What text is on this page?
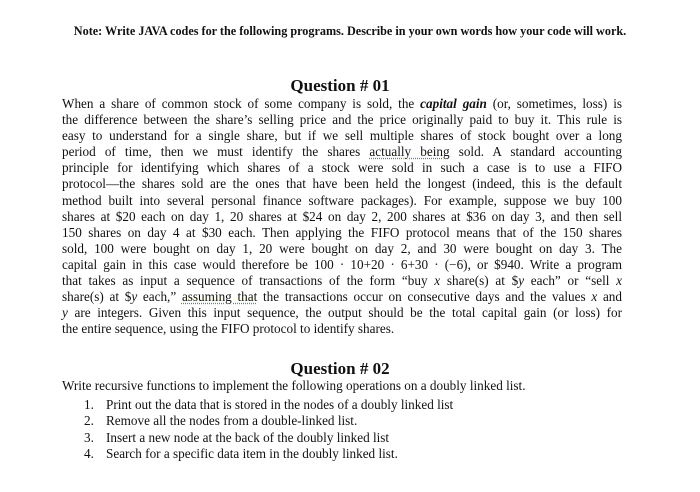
Note: Write JAVA codes for the following programs. Describe in your own words how your code will work.
Question # 01
When a share of common stock of some company is sold, the capital gain (or, sometimes, loss) is
the difference between the share’s selling price and the price originally paid to buy it. This rule is
easy to understand for a single share, but if we sell multiple shares of stock bought over a long
period of time, then we must identify the shares actually being sold. A standard accounting
principle for identifying which shares of a stock were sold in such a case is to use a FIFO
protocol—the shares sold are the ones that have been held the longest (indeed, this is the default
method built into several personal finance software packages). For example, suppose we buy 100
shares at $20 each on day 1, 20 shares at $24 on day 2, 200 shares at $36 on day 3, and then sell
150 shares on day 4 at $30 each. Then applying the FIFO protocol means that of the 150 shares
sold, 100 were bought on day 1, 20 were bought on day 2, and 30 were bought on day 3. The
capital gain in this case would therefore be 100 · 10+20 · 6+30 · (−6), or $940. Write a program
that takes as input a sequence of transactions of the form “buy x share(s) at $y each” or “sell x
share(s) at $y each,” assuming that the transactions occur on consecutive days and the values x and
y are integers. Given this input sequence, the output should be the total capital gain (or loss) for
the entire sequence, using the FIFO protocol to identify shares.
Question # 02
Write recursive functions to implement the following operations on a doubly linked list.
1. Print out the data that is stored in the nodes of a doubly linked list
2. Remove all the nodes from a double-linked list.
3. Insert a new node at the back of the doubly linked list
4. Search for a specific data item in the doubly linked list.
